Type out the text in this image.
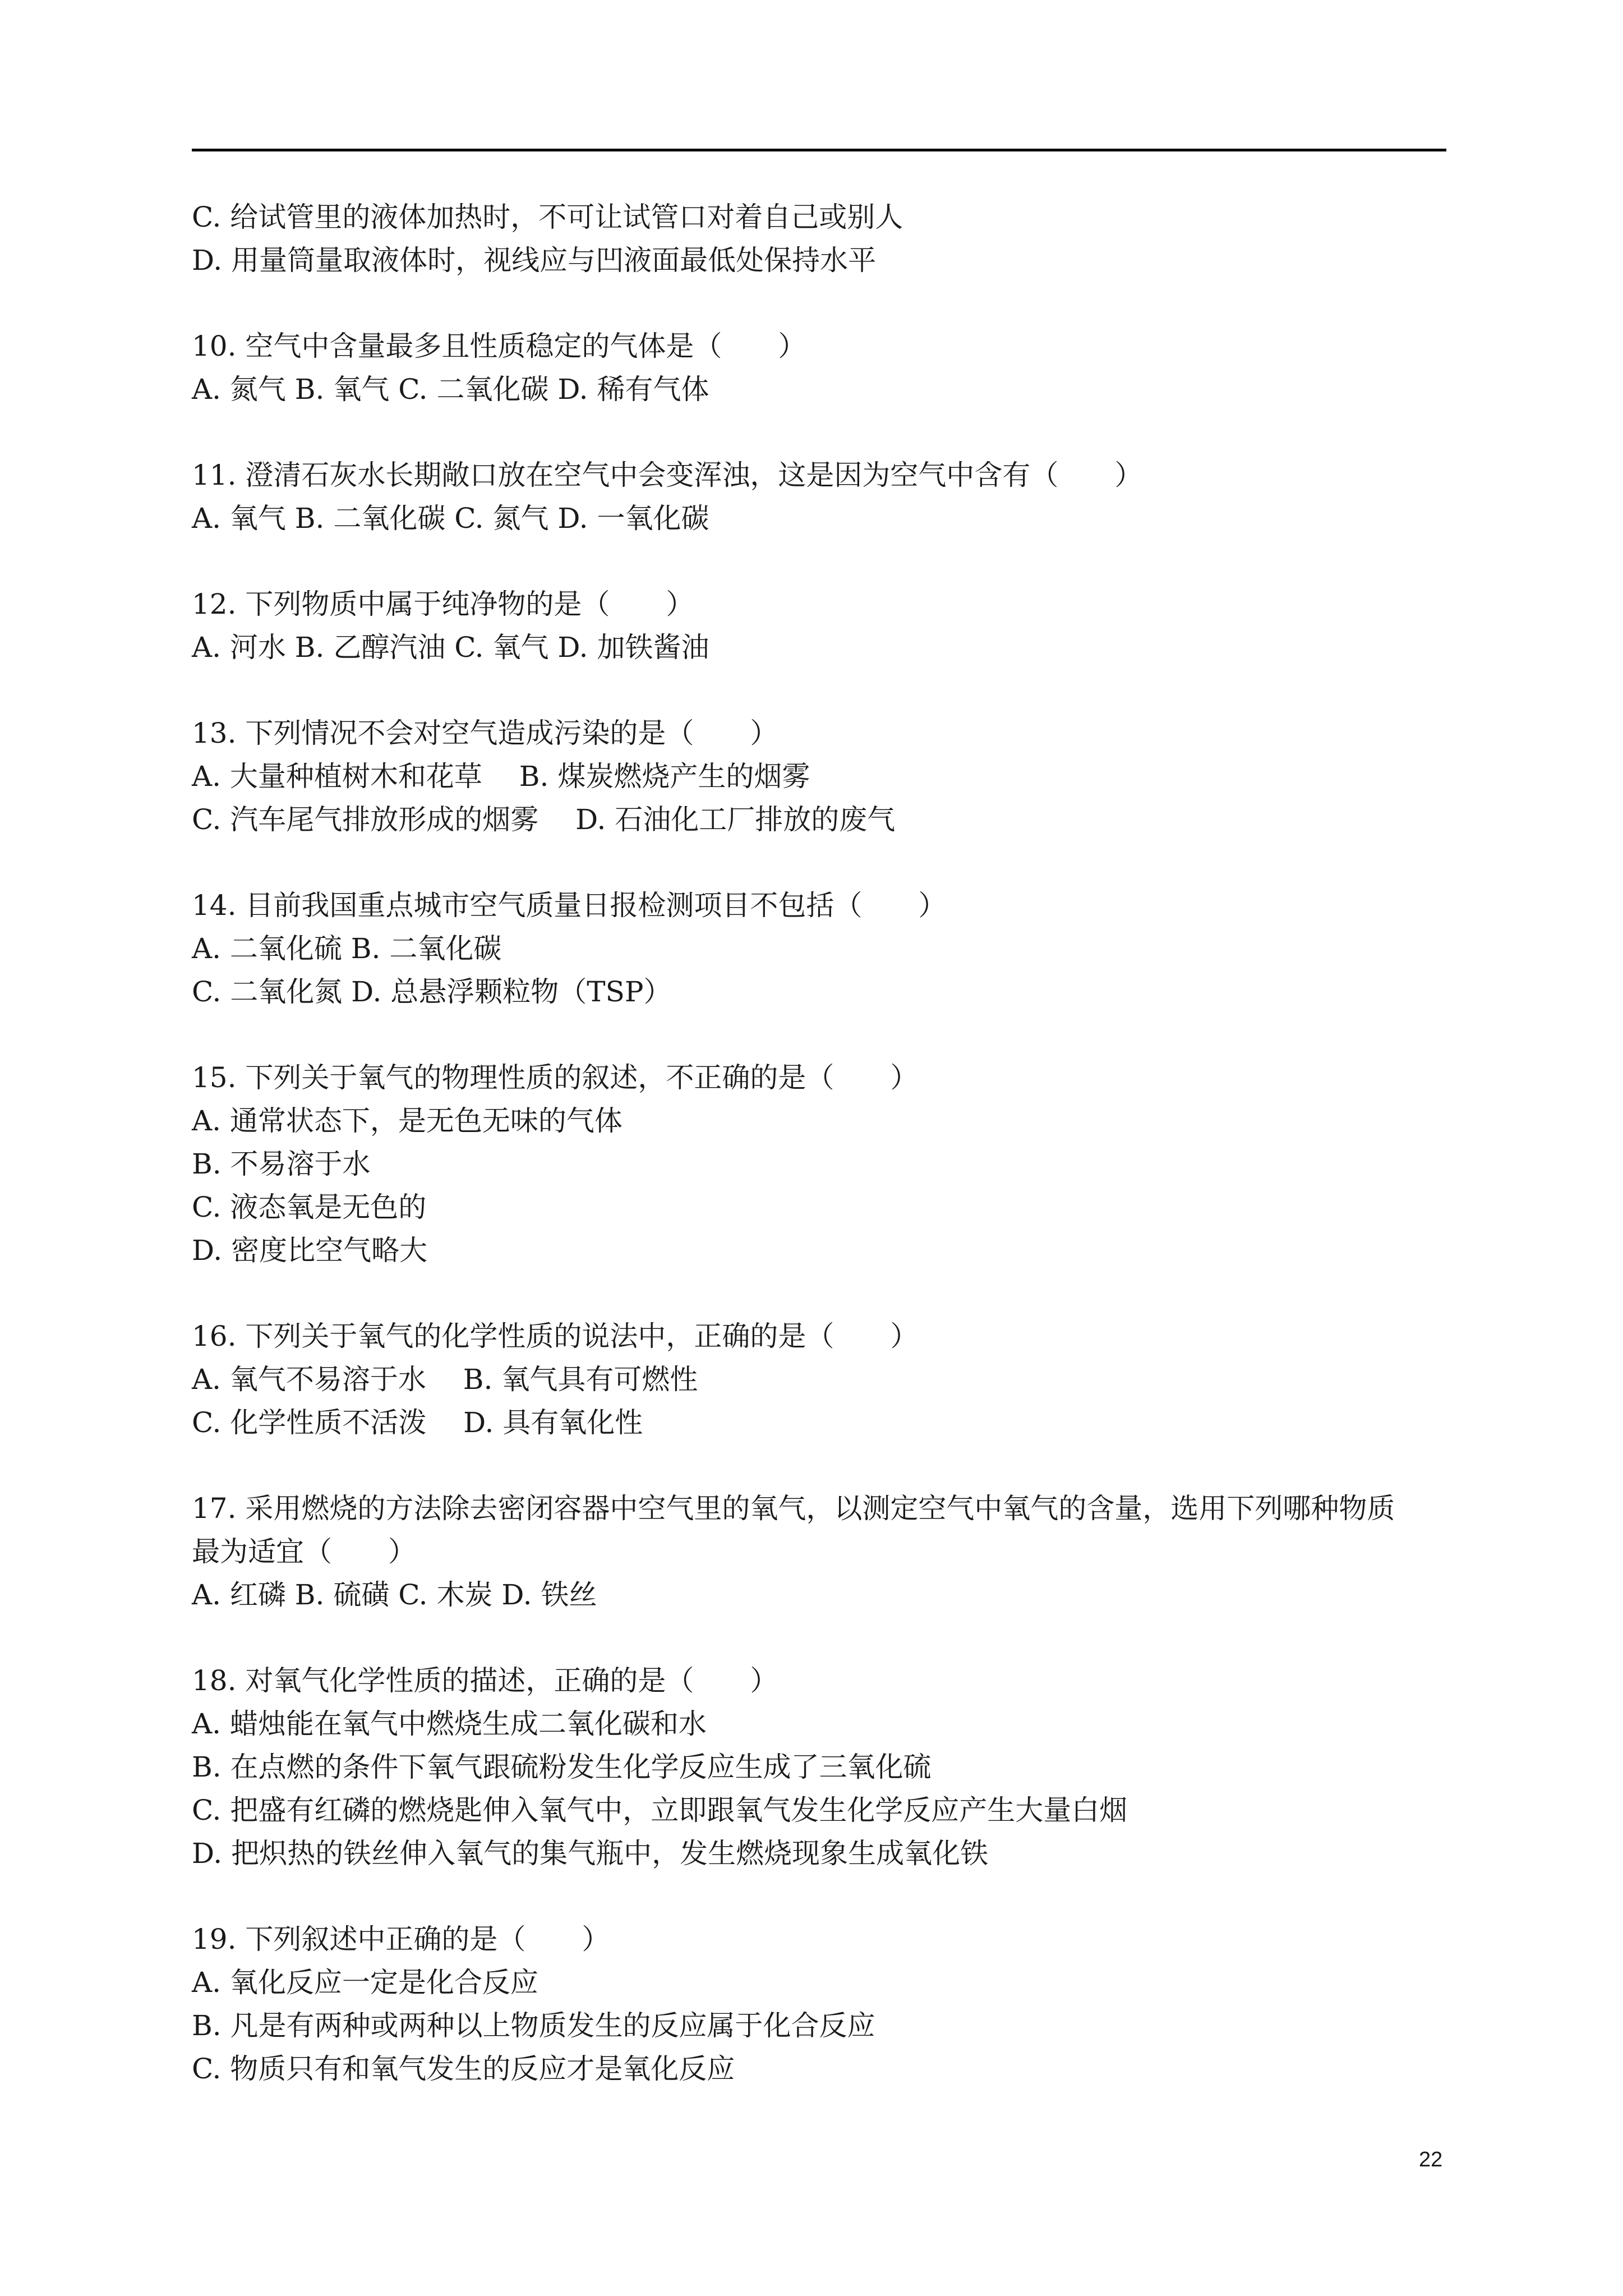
C. 给试管里的液体加热时，不可让试管口对着自己或别人
D. 用量筒量取液体时，视线应与凹液面最低处保持水平
10. 空气中含量最多且性质稳定的气体是（　　）
A. 氮气 B. 氧气 C. 二氧化碳 D. 稀有气体
11. 澄清石灰水长期敞口放在空气中会变浑浊，这是因为空气中含有（　　）
A. 氧气 B. 二氧化碳 C. 氮气 D. 一氧化碳
12. 下列物质中属于纯净物的是（　　）
A. 河水 B. 乙醇汽油 C. 氧气 D. 加铁酱油
13. 下列情况不会对空气造成污染的是（　　）
A. 大量种植树木和花草　 B. 煤炭燃烧产生的烟雾
C. 汽车尾气排放形成的烟雾　 D. 石油化工厂排放的废气
14. 目前我国重点城市空气质量日报检测项目不包括（　　）
A. 二氧化硫 B. 二氧化碳
C. 二氧化氮 D. 总悬浮颗粒物（TSP）
15. 下列关于氧气的物理性质的叙述，不正确的是（　　）
A. 通常状态下，是无色无味的气体
B. 不易溶于水
C. 液态氧是无色的
D. 密度比空气略大
16. 下列关于氧气的化学性质的说法中，正确的是（　　）
A. 氧气不易溶于水　 B. 氧气具有可燃性
C. 化学性质不活泼　 D. 具有氧化性
17. 采用燃烧的方法除去密闭容器中空气里的氧气，以测定空气中氧气的含量，选用下列哪种物质
最为适宜（　　）
A. 红磷 B. 硫磺 C. 木炭 D. 铁丝
18. 对氧气化学性质的描述，正确的是（　　）
A. 蜡烛能在氧气中燃烧生成二氧化碳和水
B. 在点燃的条件下氧气跟硫粉发生化学反应生成了三氧化硫
C. 把盛有红磷的燃烧匙伸入氧气中，立即跟氧气发生化学反应产生大量白烟
D. 把炽热的铁丝伸入氧气的集气瓶中，发生燃烧现象生成氧化铁
19. 下列叙述中正确的是（　　）
A. 氧化反应一定是化合反应
B. 凡是有两种或两种以上物质发生的反应属于化合反应
C. 物质只有和氧气发生的反应才是氧化反应
22
